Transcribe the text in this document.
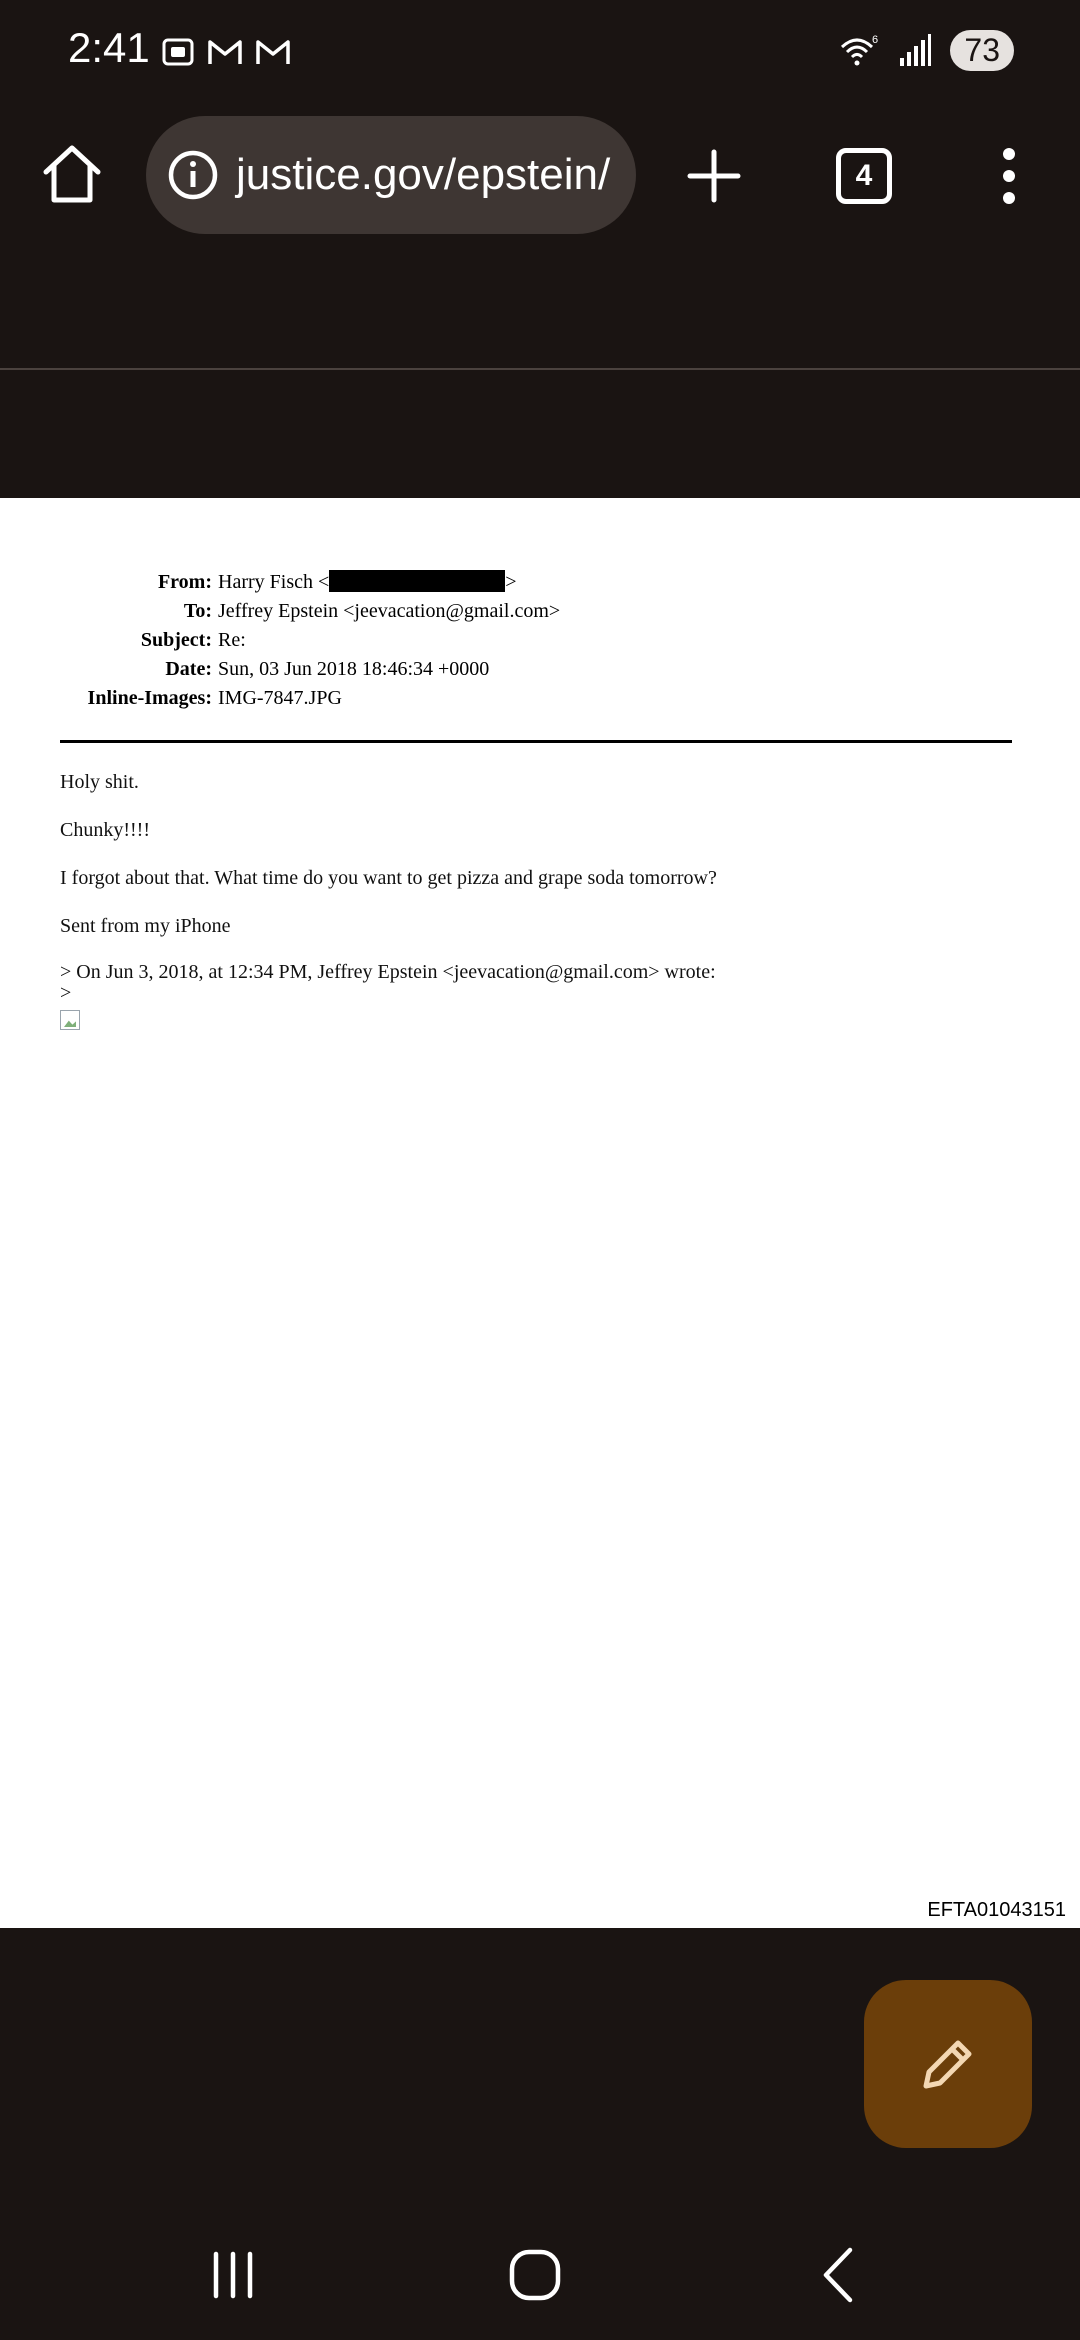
2:41	6	73
justice.gov/epstein/	4
From: Harry Fisch <	>
To: Jeffrey Epstein <jeevacation@gmail.com>
Subject: Re:
Date: Sun, 03 Jun 2018 18:46:34 +0000
Inline-Images: IMG-7847.JPG

Holy shit.

Chunky!!!!

I forgot about that. What time do you want to get pizza and grape soda tomorrow?

Sent from my iPhone

> On Jun 3, 2018, at 12:34 PM, Jeffrey Epstein <jeevacation@gmail.com> wrote:
>
EFTA01043151
